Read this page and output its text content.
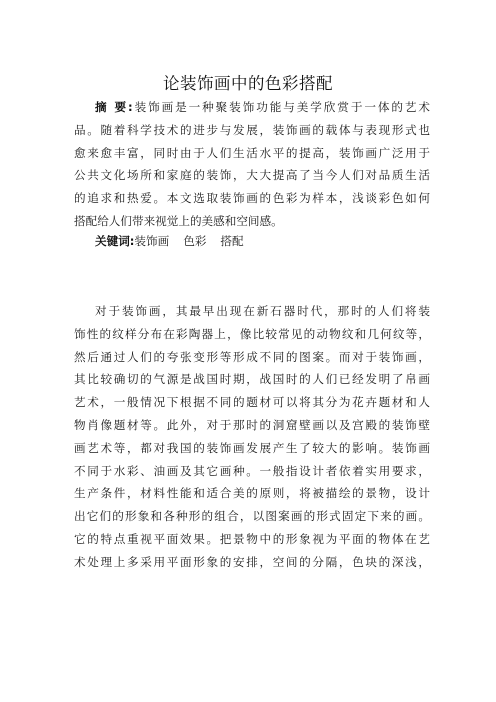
论装饰画中的色彩搭配
摘 要:装饰画是一种聚装饰功能与美学欣赏于一体的艺术
品。随着科学技术的进步与发展，装饰画的载体与表现形式也
愈来愈丰富，同时由于人们生活水平的提高，装饰画广泛用于
公共文化场所和家庭的装饰，大大提高了当今人们对品质生活
的追求和热爱。本文选取装饰画的色彩为样本，浅谈彩色如何
搭配给人们带来视觉上的美感和空间感。
关键词:装饰画 色彩 搭配
对于装饰画，其最早出现在新石器时代，那时的人们将装
饰性的纹样分布在彩陶器上，像比较常见的动物纹和几何纹等，
然后通过人们的夸张变形等形成不同的图案。而对于装饰画，
其比较确切的气源是战国时期，战国时的人们已经发明了帛画
艺术，一般情况下根据不同的题材可以将其分为花卉题材和人
物肖像题材等。此外，对于那时的洞窟壁画以及宫殿的装饰壁
画艺术等，都对我国的装饰画发展产生了较大的影响。装饰画
不同于水彩、油画及其它画种。一般指设计者依着实用要求，
生产条件，材料性能和适合美的原则，将被描绘的景物，设计
出它们的形象和各种形的组合，以图案画的形式固定下来的画。
它的特点重视平面效果。把景物中的形象视为平面的物体在艺
术处理上多采用平面形象的安排，空间的分隔，色块的深浅，
